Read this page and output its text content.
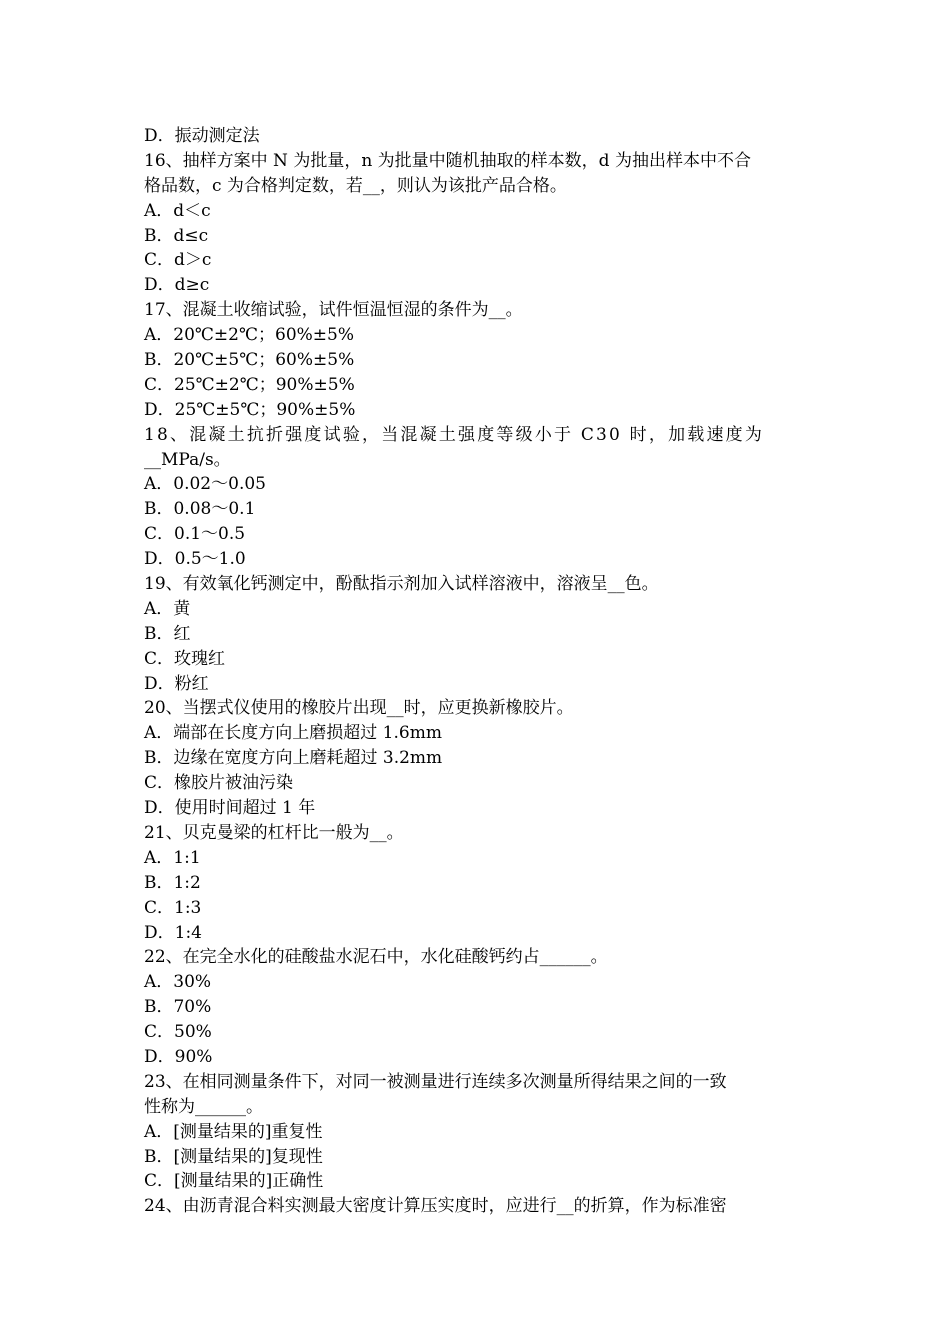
D．振动测定法
16、抽样方案中 N 为批量，n 为批量中随机抽取的样本数，d 为抽出样本中不合
格品数，c 为合格判定数，若__，则认为该批产品合格。
A．d＜c
B．d≤c
C．d＞c
D．d≥c
17、混凝土收缩试验，试件恒温恒湿的条件为__。
A．20℃±2℃；60%±5%
B．20℃±5℃；60%±5%
C．25℃±2℃；90%±5%
D．25℃±5℃；90%±5%
18、混凝土抗折强度试验，当混凝土强度等级小于 C30 时，加载速度为
__MPa/s。
A．0.02～0.05
B．0.08～0.1
C．0.1～0.5
D．0.5～1.0
19、有效氧化钙测定中，酚酞指示剂加入试样溶液中，溶液呈__色。
A．黄
B．红
C．玫瑰红
D．粉红
20、当摆式仪使用的橡胶片出现__时，应更换新橡胶片。
A．端部在长度方向上磨损超过 1.6mm
B．边缘在宽度方向上磨耗超过 3.2mm
C．橡胶片被油污染
D．使用时间超过 1 年
21、贝克曼梁的杠杆比一般为__。
A．1:1
B．1:2
C．1:3
D．1:4
22、在完全水化的硅酸盐水泥石中，水化硅酸钙约占______。
A．30%
B．70%
C．50%
D．90%
23、在相同测量条件下，对同一被测量进行连续多次测量所得结果之间的一致
性称为______。
A．[测量结果的]重复性
B．[测量结果的]复现性
C．[测量结果的]正确性
24、由沥青混合料实测最大密度计算压实度时，应进行__的折算，作为标准密
